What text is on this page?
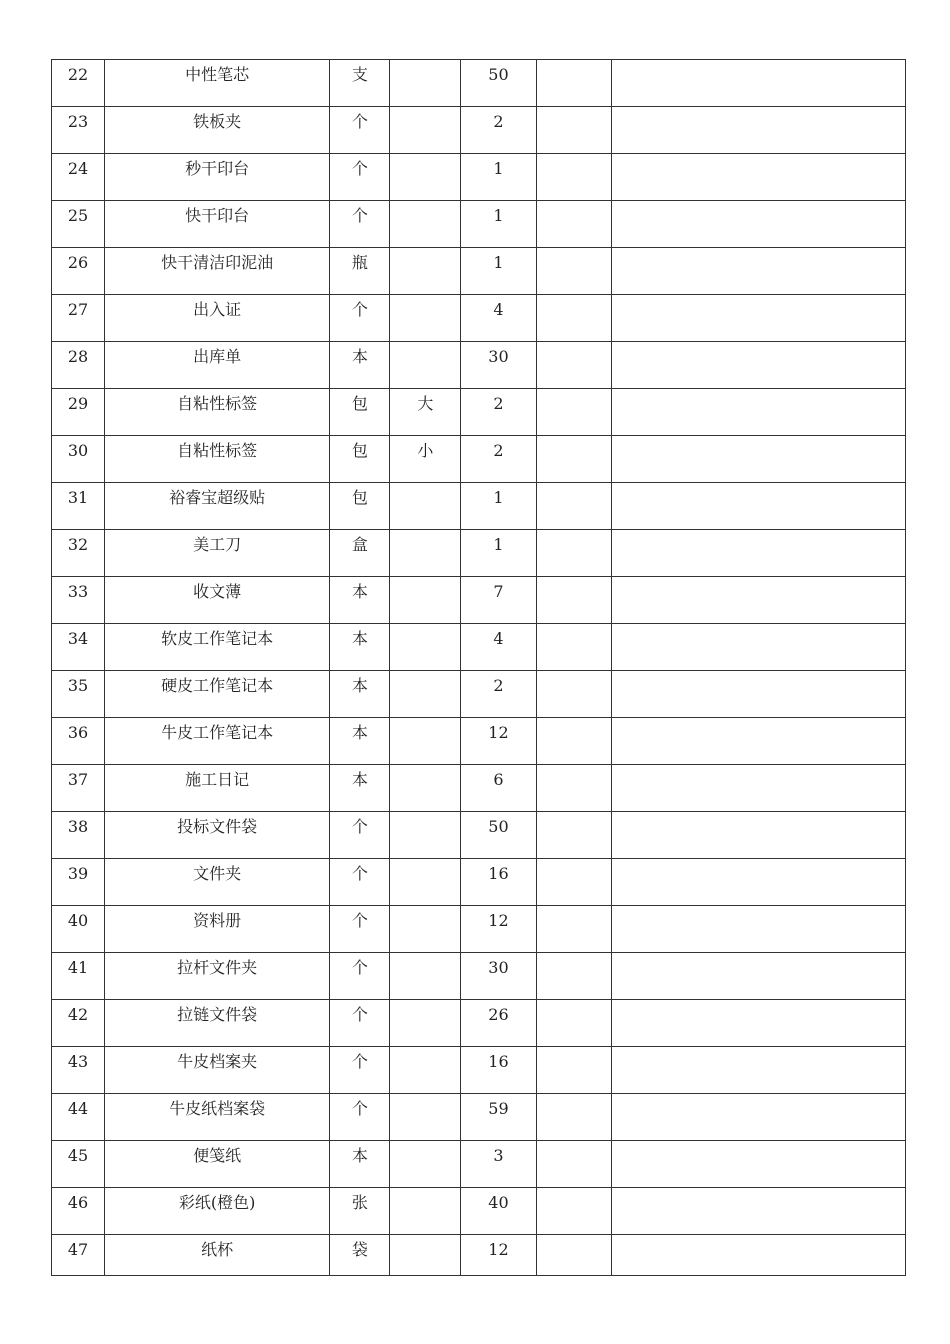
22	中性笔芯	支		50		

23	铁板夹	个		2		

24	秒干印台	个		1		

25	快干印台	个		1		

26	快干清洁印泥油	瓶		1		

27	出入证	个		4		

28	出库单	本		30		

29	自粘性标签	包	大	2		

30	自粘性标签	包	小	2		

31	裕睿宝超级贴	包		1		

32	美工刀	盒		1		

33	收文薄	本		7		

34	软皮工作笔记本	本		4		

35	硬皮工作笔记本	本		2		

36	牛皮工作笔记本	本		12		

37	施工日记	本		6		

38	投标文件袋	个		50		

39	文件夹	个		16		

40	资料册	个		12		

41	拉杆文件夹	个		30		

42	拉链文件袋	个		26		

43	牛皮档案夹	个		16		

44	牛皮纸档案袋	个		59		

45	便笺纸	本		3		

46	彩纸(橙色)	张		40		

47	纸杯	袋		12		
